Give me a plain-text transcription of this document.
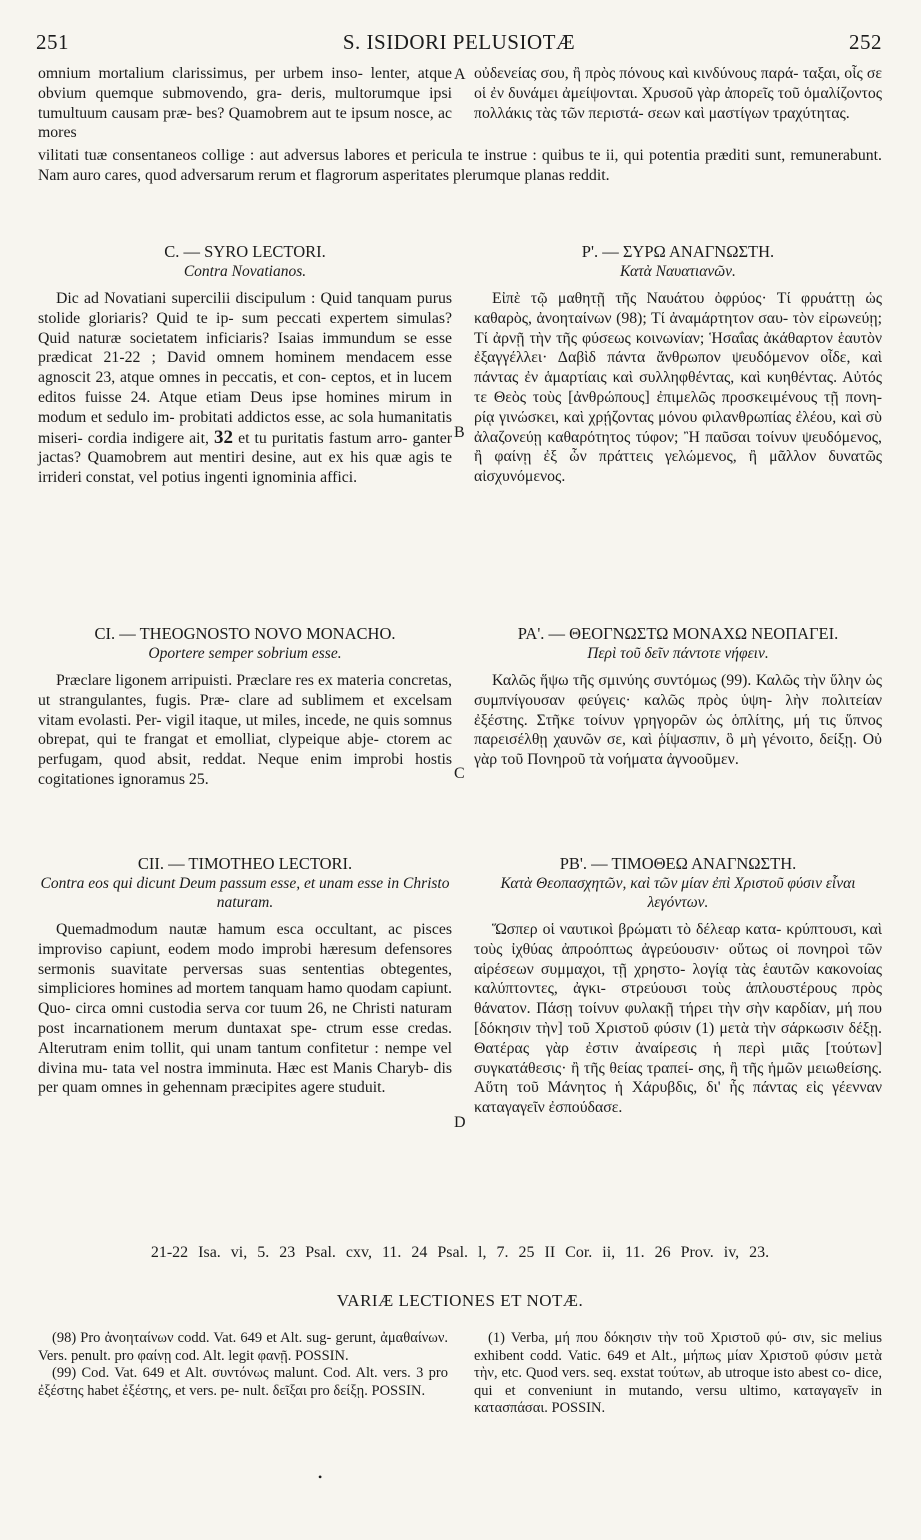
251	S. ISIDORI PELUSIOTÆ	252
omnium mortalium clarissimus, per urbem inso- lenter, atque obvium quemque submovendo, gra- deris, multorumque ipsi tumultuum causam præ- bes? Quamobrem aut te ipsum nosce, ac mores
οὐδενείας σου, ἢ πρὸς πόνους καὶ κινδύνους παρά- ταξαι, οἷς σε οἱ ἐν δυνάμει ἀμείψονται. Χρυσοῦ γὰρ ἀπορεῖς τοῦ ὁμαλίζοντος πολλάκις τὰς τῶν περιστά- σεων καὶ μαστίγων τραχύτητας.
vilitati tuæ consentaneos collige : aut adversus labores et pericula te instrue : quibus te ii, qui potentia præditi sunt, remunerabunt. Nam auro cares, quod adversarum rerum et flagrorum asperitates plerumque planas reddit.
A
B
C
D

C. — SYRO LECTORI.

Contra Novatianos.

Dic ad Novatiani supercilii discipulum : Quid tanquam purus stolide gloriaris? Quid te ip- sum peccati expertem simulas? Quid naturæ societatem inficiaris? Isaias immundum se esse prædicat 21-22 ; David omnem hominem mendacem esse agnoscit 23, atque omnes in peccatis, et con- ceptos, et in lucem editos fuisse 24. Atque etiam Deus ipse homines mirum in modum et sedulo im- probitati addictos esse, ac sola humanitatis miseri- cordia indigere ait, 32 et tu puritatis fastum arro- ganter jactas? Quamobrem aut mentiri desine, aut ex his quæ agis te irrideri constat, vel potius ingenti ignominia affici.

Ρ'. — ΣΥΡΩ ΑΝΑΓΝΩΣΤΗ.

Κατὰ Ναυατιανῶν.

Εἰπὲ τῷ μαθητῇ τῆς Ναυάτου ὀφρύος· Τί φρυάττῃ ὡς καθαρὸς, ἀνοηταίνων (98); Τί ἀναμάρτητον σαυ- τὸν εἰρωνεύῃ; Τί ἀρνῇ τὴν τῆς φύσεως κοινωνίαν; Ἡσαΐας ἀκάθαρτον ἑαυτὸν ἐξαγγέλλει· Δαβὶδ πάντα ἄνθρωπον ψευδόμενον οἶδε, καὶ πάντας ἐν ἁμαρτίαις καὶ συλληφθέντας, καὶ κυηθέντας. Αὐτός τε Θεὸς τοὺς [ἀνθρώπους] ἐπιμελῶς προσκειμένους τῇ πονη- ρίᾳ γινώσκει, καὶ χρῄζοντας μόνου φιλανθρωπίας ἐλέου, καὶ σὺ ἀλαζονεύῃ καθαρότητος τύφον; Ἢ παῦσαι τοίνυν ψευδόμενος, ἢ φαίνῃ ἐξ ὧν πράττεις γελώμενος, ἢ μᾶλλον δυνατῶς αἰσχυνόμενος.

CI. — THEOGNOSTO NOVO MONACHO.

Oportere semper sobrium esse.

Præclare ligonem arripuisti. Præclare res ex materia concretas, ut strangulantes, fugis. Præ- clare ad sublimem et excelsam vitam evolasti. Per- vigil itaque, ut miles, incede, ne quis somnus obrepat, qui te frangat et emolliat, clypeique abje- ctorem ac perfugam, quod absit, reddat. Neque enim improbi hostis cogitationes ignoramus 25.

ΡΑ'. — ΘΕΟΓΝΩΣΤΩ ΜΟΝΑΧΩ ΝΕΟΠΑΓΕΙ.

Περὶ τοῦ δεῖν πάντοτε νήφειν.

Καλῶς ἥψω τῆς σμινύης συντόμως (99). Καλῶς τὴν ὕλην ὡς συμπνίγουσαν φεύγεις· καλῶς πρὸς ὑψη- λὴν πολιτείαν ἐξέστης. Στῆκε τοίνυν γρηγορῶν ὡς ὁπλίτης, μή τις ὕπνος παρεισέλθῃ χαυνῶν σε, καὶ ῥίψασπιν, ὃ μὴ γένοιτο, δείξῃ. Οὐ γὰρ τοῦ Πονηροῦ τὰ νοήματα ἀγνοοῦμεν.

CII. — TIMOTHEO LECTORI.

Contra eos qui dicunt Deum passum esse, et unam esse in Christo naturam.

Quemadmodum nautæ hamum esca occultant, ac pisces improviso capiunt, eodem modo improbi hæresum defensores sermonis suavitate perversas suas sententias obtegentes, simpliciores homines ad mortem tanquam hamo quodam capiunt. Quo- circa omni custodia serva cor tuum 26, ne Christi naturam post incarnationem merum duntaxat spe- ctrum esse credas. Alterutram enim tollit, qui unam tantum confitetur : nempe vel divina mu- tata vel nostra imminuta. Hæc est Manis Charyb- dis per quam omnes in gehennam præcipites agere studuit.

ΡΒ'. — ΤΙΜΟΘΕΩ ΑΝΑΓΝΩΣΤΗ.

Κατὰ Θεοπασχητῶν, καὶ τῶν μίαν ἐπὶ Χριστοῦ φύσιν εἶναι λεγόντων.

Ὥσπερ οἱ ναυτικοὶ βρώματι τὸ δέλεαρ κατα- κρύπτουσι, καὶ τοὺς ἰχθύας ἀπροόπτως ἀγρεύουσιν· οὕτως οἱ πονηροὶ τῶν αἱρέσεων συμμαχοι, τῇ χρηστο- λογίᾳ τὰς ἑαυτῶν κακονοίας καλύπτοντες, ἀγκι- στρεύουσι τοὺς ἁπλουστέρους πρὸς θάνατον. Πάσῃ τοίνυν φυλακῇ τήρει τὴν σὴν καρδίαν, μή που [δόκησιν τὴν] τοῦ Χριστοῦ φύσιν (1) μετὰ τὴν σάρκωσιν δέξῃ. Θατέρας γὰρ ἐστιν ἀναίρεσις ἡ περὶ μιᾶς [τούτων] συγκατάθεσις· ἢ τῆς θείας τραπεί- σης, ἢ τῆς ἡμῶν μειωθείσης. Αὕτη τοῦ Μάνητος ἡ Χάρυβδις, δι' ἧς πάντας εἰς γέενναν καταγαγεῖν ἐσπούδασε.

21-22 Isa. vi, 5. 23 Psal. cxv, 11. 24 Psal. l, 7. 25 II Cor. ii, 11. 26 Prov. iv, 23.
VARIÆ LECTIONES ET NOTÆ.

(98) Pro ἀνοηταίνων codd. Vat. 649 et Alt. sug- gerunt, ἀμαθαίνων. Vers. penult. pro φαίνῃ cod. Alt. legit φανῇ. POSSIN.

(99) Cod. Vat. 649 et Alt. συντόνως malunt. Cod. Alt. vers. 3 pro ἐξέστης habet ἐξέστης, et vers. pe- nult. δεῖξαι pro δείξῃ. POSSIN.

(1) Verba, μή που δόκησιν τὴν τοῦ Χριστοῦ φύ- σιν, sic melius exhibent codd. Vatic. 649 et Alt., μήπως μίαν Χριστοῦ φύσιν μετὰ τὴν, etc. Quod vers. seq. exstat τούτων, ab utroque isto abest co- dice, qui et conveniunt in mutando, versu ultimo, καταγαγεῖν in κατασπάσαι. POSSIN.

•
